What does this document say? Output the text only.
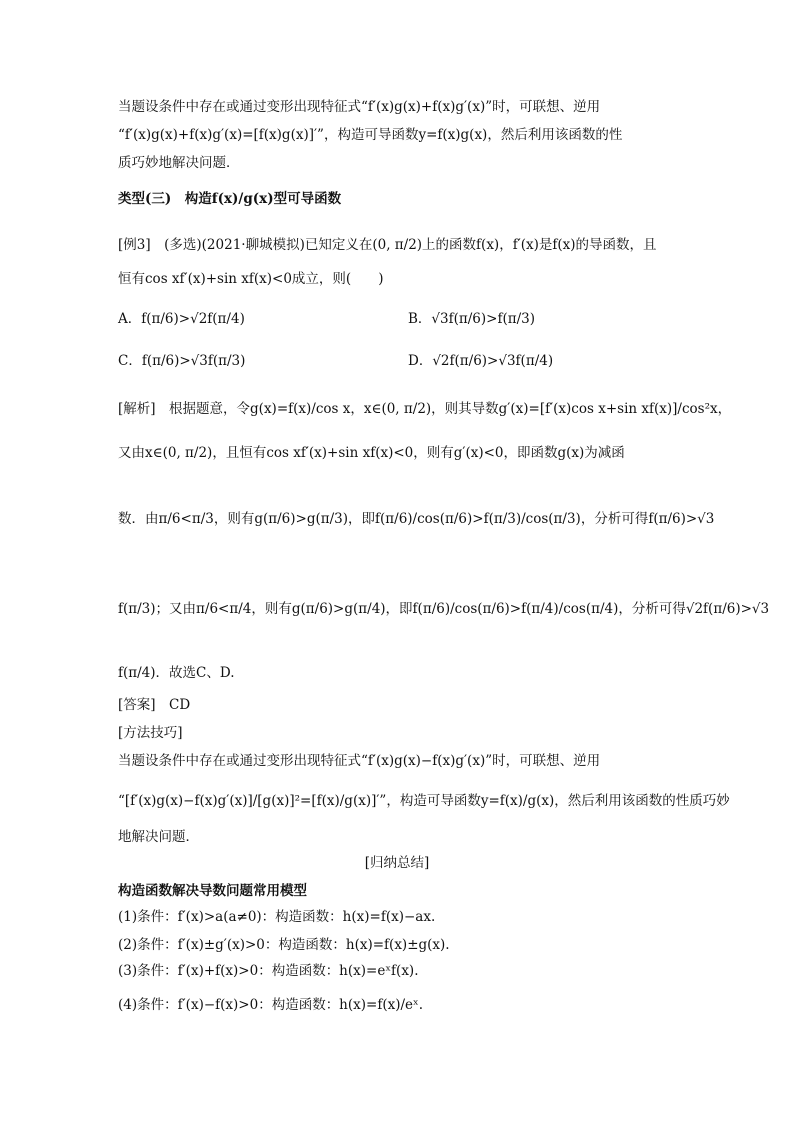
当题设条件中存在或通过变形出现特征式“f′(x)g(x)+f(x)g′(x)”时，可联想、逆用
“f′(x)g(x)+f(x)g′(x)=[f(x)g(x)]′”，构造可导函数y=f(x)g(x)，然后利用该函数的性
质巧妙地解决问题．
类型(三)　构造f(x)/g(x)型可导函数
[例3]　(多选)(2021·聊城模拟)已知定义在(0, π/2)上的函数f(x)，f′(x)是f(x)的导函数，且
恒有cos xf′(x)+sin xf(x)<0成立，则(　　)
A．f(π/6)>√2f(π/4)	B．√3f(π/6)>f(π/3)
C．f(π/6)>√3f(π/3)	D．√2f(π/6)>√3f(π/4)
[解析]　根据题意，令g(x)=f(x)/cos x，x∈(0, π/2)，则其导数g′(x)=[f′(x)cos x+sin xf(x)]/cos²x，
又由x∈(0, π/2)，且恒有cos xf′(x)+sin xf(x)<0，则有g′(x)<0，即函数g(x)为减函
数．由π/6<π/3，则有g(π/6)>g(π/3)，即f(π/6)/cos(π/6)>f(π/3)/cos(π/3)，分析可得f(π/6)>√3
f(π/3)；又由π/6<π/4，则有g(π/6)>g(π/4)，即f(π/6)/cos(π/6)>f(π/4)/cos(π/4)，分析可得√2f(π/6)>√3
f(π/4)．故选C、D.
[答案]　CD
[方法技巧]
当题设条件中存在或通过变形出现特征式“f′(x)g(x)−f(x)g′(x)”时，可联想、逆用
“[f′(x)g(x)−f(x)g′(x)]/[g(x)]²=[f(x)/g(x)]′”，构造可导函数y=f(x)/g(x)，然后利用该函数的性质巧妙
地解决问题．
[归纳总结]
构造函数解决导数问题常用模型
(1)条件：f′(x)>a(a≠0)：构造函数：h(x)=f(x)−ax.
(2)条件：f′(x)±g′(x)>0：构造函数：h(x)=f(x)±g(x).
(3)条件：f′(x)+f(x)>0：构造函数：h(x)=eˣf(x).
(4)条件：f′(x)−f(x)>0：构造函数：h(x)=f(x)/eˣ.
